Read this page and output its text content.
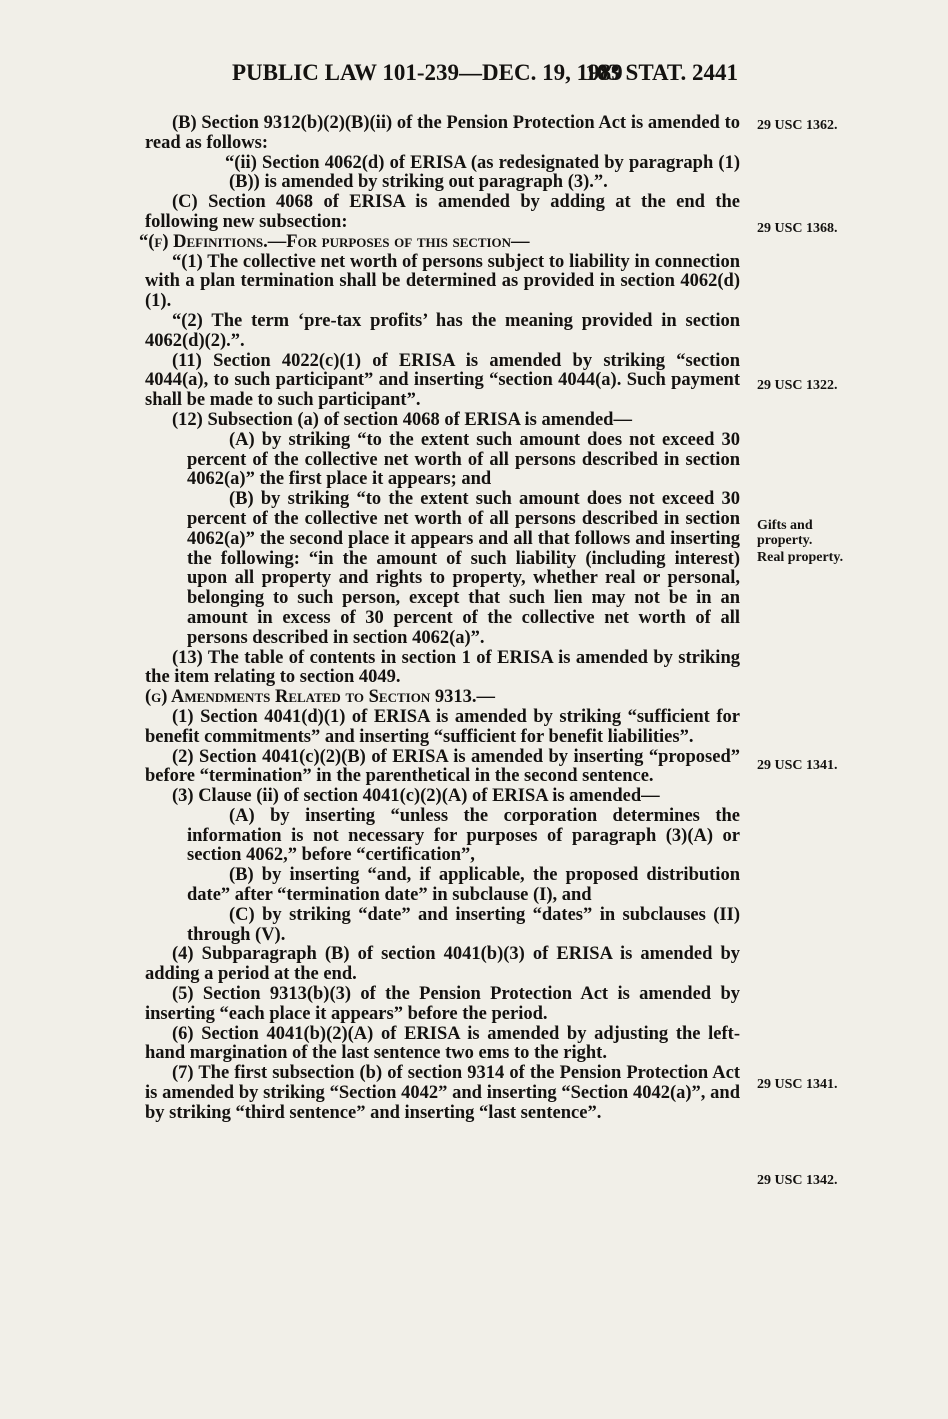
PUBLIC LAW 101-239—DEC. 19, 1989
103 STAT. 2441

(B) Section 9312(b)(2)(B)(ii) of the Pension Protection Act is amended to read as follows:

“(ii) Section 4062(d) of ERISA (as redesignated by paragraph (1)(B)) is amended by striking out paragraph (3).”.

(C) Section 4068 of ERISA is amended by adding at the end the following new subsection:

“(f) Definitions.—For purposes of this section—

“(1) The collective net worth of persons subject to liability in connection with a plan termination shall be determined as provided in section 4062(d)(1).

“(2) The term ‘pre-tax profits’ has the meaning provided in section 4062(d)(2).”.

(11) Section 4022(c)(1) of ERISA is amended by striking “section 4044(a), to such participant” and inserting “section 4044(a). Such payment shall be made to such participant”.

(12) Subsection (a) of section 4068 of ERISA is amended—

(A) by striking “to the extent such amount does not exceed 30 percent of the collective net worth of all persons described in section 4062(a)” the first place it appears; and

(B) by striking “to the extent such amount does not exceed 30 percent of the collective net worth of all persons described in section 4062(a)” the second place it appears and all that follows and inserting the following: “in the amount of such liability (including interest) upon all property and rights to property, whether real or personal, belonging to such person, except that such lien may not be in an amount in excess of 30 percent of the collective net worth of all persons described in section 4062(a)”.

(13) The table of contents in section 1 of ERISA is amended by striking the item relating to section 4049.

(g) Amendments Related to Section 9313.—

(1) Section 4041(d)(1) of ERISA is amended by striking “sufficient for benefit commitments” and inserting “sufficient for benefit liabilities”.

(2) Section 4041(c)(2)(B) of ERISA is amended by inserting “proposed” before “termination” in the parenthetical in the second sentence.

(3) Clause (ii) of section 4041(c)(2)(A) of ERISA is amended—

(A) by inserting “unless the corporation determines the information is not necessary for purposes of paragraph (3)(A) or section 4062,” before “certification”,

(B) by inserting “and, if applicable, the proposed distribution date” after “termination date” in subclause (I), and

(C) by striking “date” and inserting “dates” in subclauses (II) through (V).

(4) Subparagraph (B) of section 4041(b)(3) of ERISA is amended by adding a period at the end.

(5) Section 9313(b)(3) of the Pension Protection Act is amended by inserting “each place it appears” before the period.

(6) Section 4041(b)(2)(A) of ERISA is amended by adjusting the left-hand margination of the last sentence two ems to the right.

(7) The first subsection (b) of section 9314 of the Pension Protection Act is amended by striking “Section 4042” and inserting “Section 4042(a)”, and by striking “third sentence” and inserting “last sentence”.

29 USC 1362.
29 USC 1368.
29 USC 1322.
Gifts and property.
Real property.
29 USC 1341.
29 USC 1341.
29 USC 1342.
